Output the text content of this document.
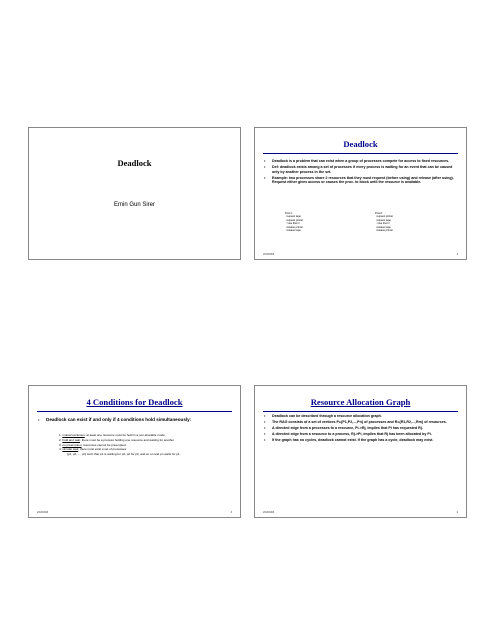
Deadlock
Emin Gun Sirer
Deadlock
• Deadlock is a problem that can exist when a group of processes compete for access to fixed resources.
• Def: deadlock exists among a set of processes if every process is waiting for an event that can be caused only by another process in the set.
• Example: two processes share 2 resources that they must request (before using) and release (after using). Request either gives access or causes the proc. to block until the resource is available.
Proc1:
request tape
request printer
<use them>
release printer
release tape
Proc2:
request printer
request tape
<use them>
release tape
release printer
2/18/2003	2
4 Conditions for Deadlock
• Deadlock can exist if and only if 4 conditions hold simultaneously:
1. mutual exclusion: at least one resource must be held in a non-sharable mode.
2. hold and wait: there must be a process holding one resource and waiting for another.
3. no preemption: resources cannot be preempted.
4. circular wait: there must exist a set of processes
[p1, p2, ..., pn] such that p1 is waiting for p2, p2 for p3, and so on and pn waits for p1.
2/18/2003	3
Resource Allocation Graph
• Deadlock can be described through a resource allocation graph.
• The RAG consists of a set of vertices P={P1,P2,...,Pn} of processes and R={R1,R2,...,Rm} of resources.
• A directed edge from a processes to a resource, Pi->Rj, implies that Pi has requested Rj.
• A directed edge from a resource to a process, Rj->Pi, implies that Rj has been allocated by Pi.
• If the graph has no cycles, deadlock cannot exist. If the graph has a cycle, deadlock may exist.
2/18/2003	4
